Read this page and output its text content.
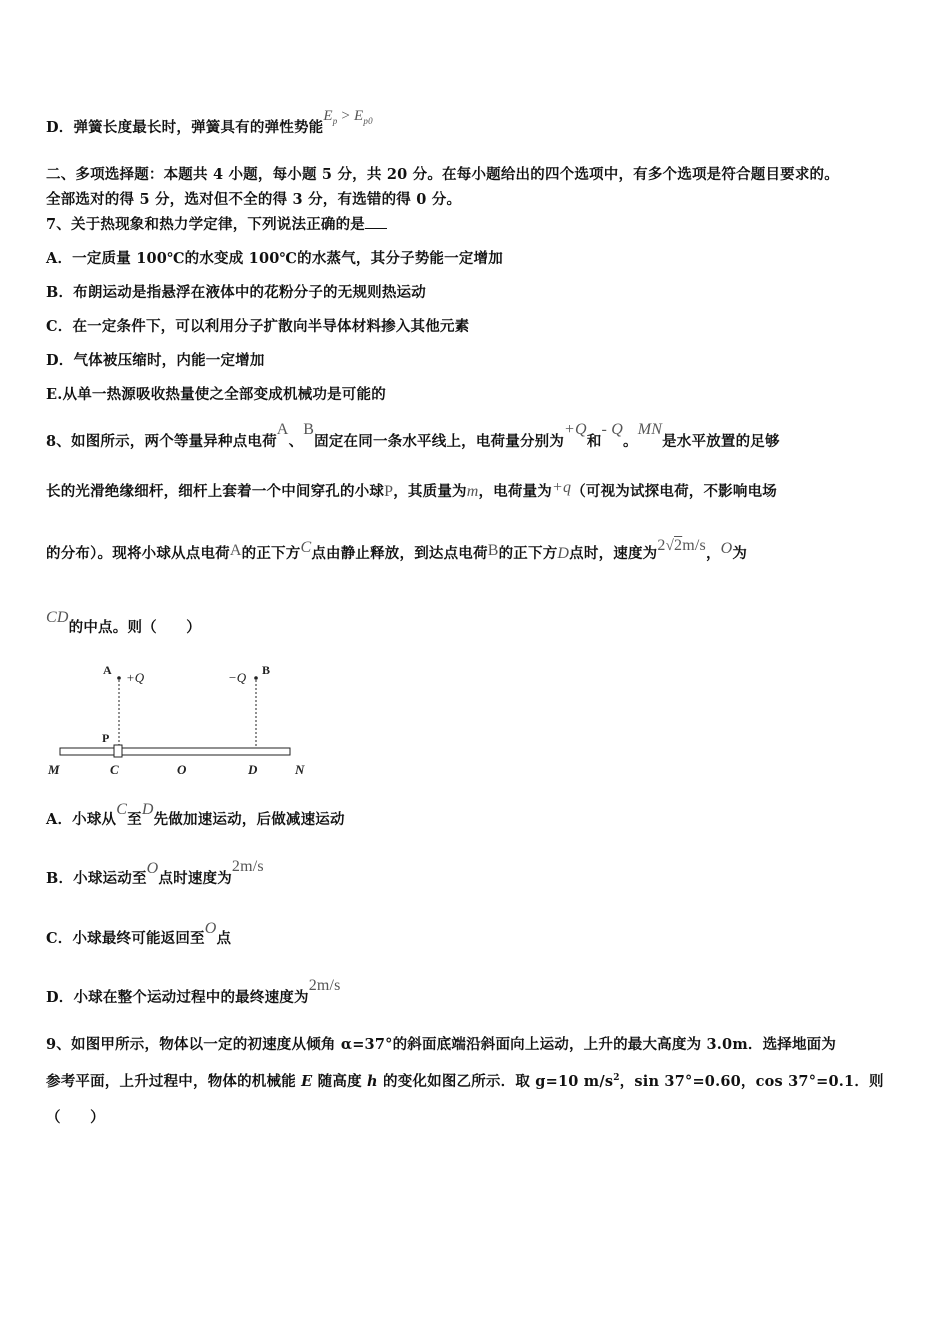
D．弹簧长度最长时，弹簧具有的弹性势能$E_p > E_{p0}$
二、多项选择题：本题共 4 小题，每小题 5 分，共 20 分。在每小题给出的四个选项中，有多个选项是符合题目要求的。
全部选对的得 5 分，选对但不全的得 3 分，有选错的得 0 分。
7、关于热现象和热力学定律，下列说法正确的是
A．一定质量 100℃的水变成 100℃的水蒸气，其分子势能一定增加
B．布朗运动是指悬浮在液体中的花粉分子的无规则热运动
C．在一定条件下，可以利用分子扩散向半导体材料掺入其他元素
D．气体被压缩时，内能一定增加
E.从单一热源吸收热量使之全部变成机械功是可能的
8、如图所示，两个等量异种点电荷A、B固定在同一条水平线上，电荷量分别为+Q和- Q。MN是水平放置的足够
长的光滑绝缘细杆，细杆上套着一个中间穿孔的小球P，其质量为m，电荷量为+q（可视为试探电荷，不影响电场
的分布）。现将小球从点电荷A的正下方C点由静止释放，到达点电荷B的正下方D点时，速度为2√2m/s，O为
CD的中点。则（　　）
A +Q	−Q B
P
M	C	O	D	N
A．小球从C至D先做加速运动，后做减速运动
B．小球运动至O点时速度为2m/s
C．小球最终可能返回至O点
D．小球在整个运动过程中的最终速度为2m/s
9、如图甲所示，物体以一定的初速度从倾角 α=37°的斜面底端沿斜面向上运动，上升的最大高度为 3.0m．选择地面为
参考平面，上升过程中，物体的机械能 E 随高度 h 的变化如图乙所示．取 g=10 $m/s^2$，sin 37°=0.60，cos 37°=0.1．则
（　　）
